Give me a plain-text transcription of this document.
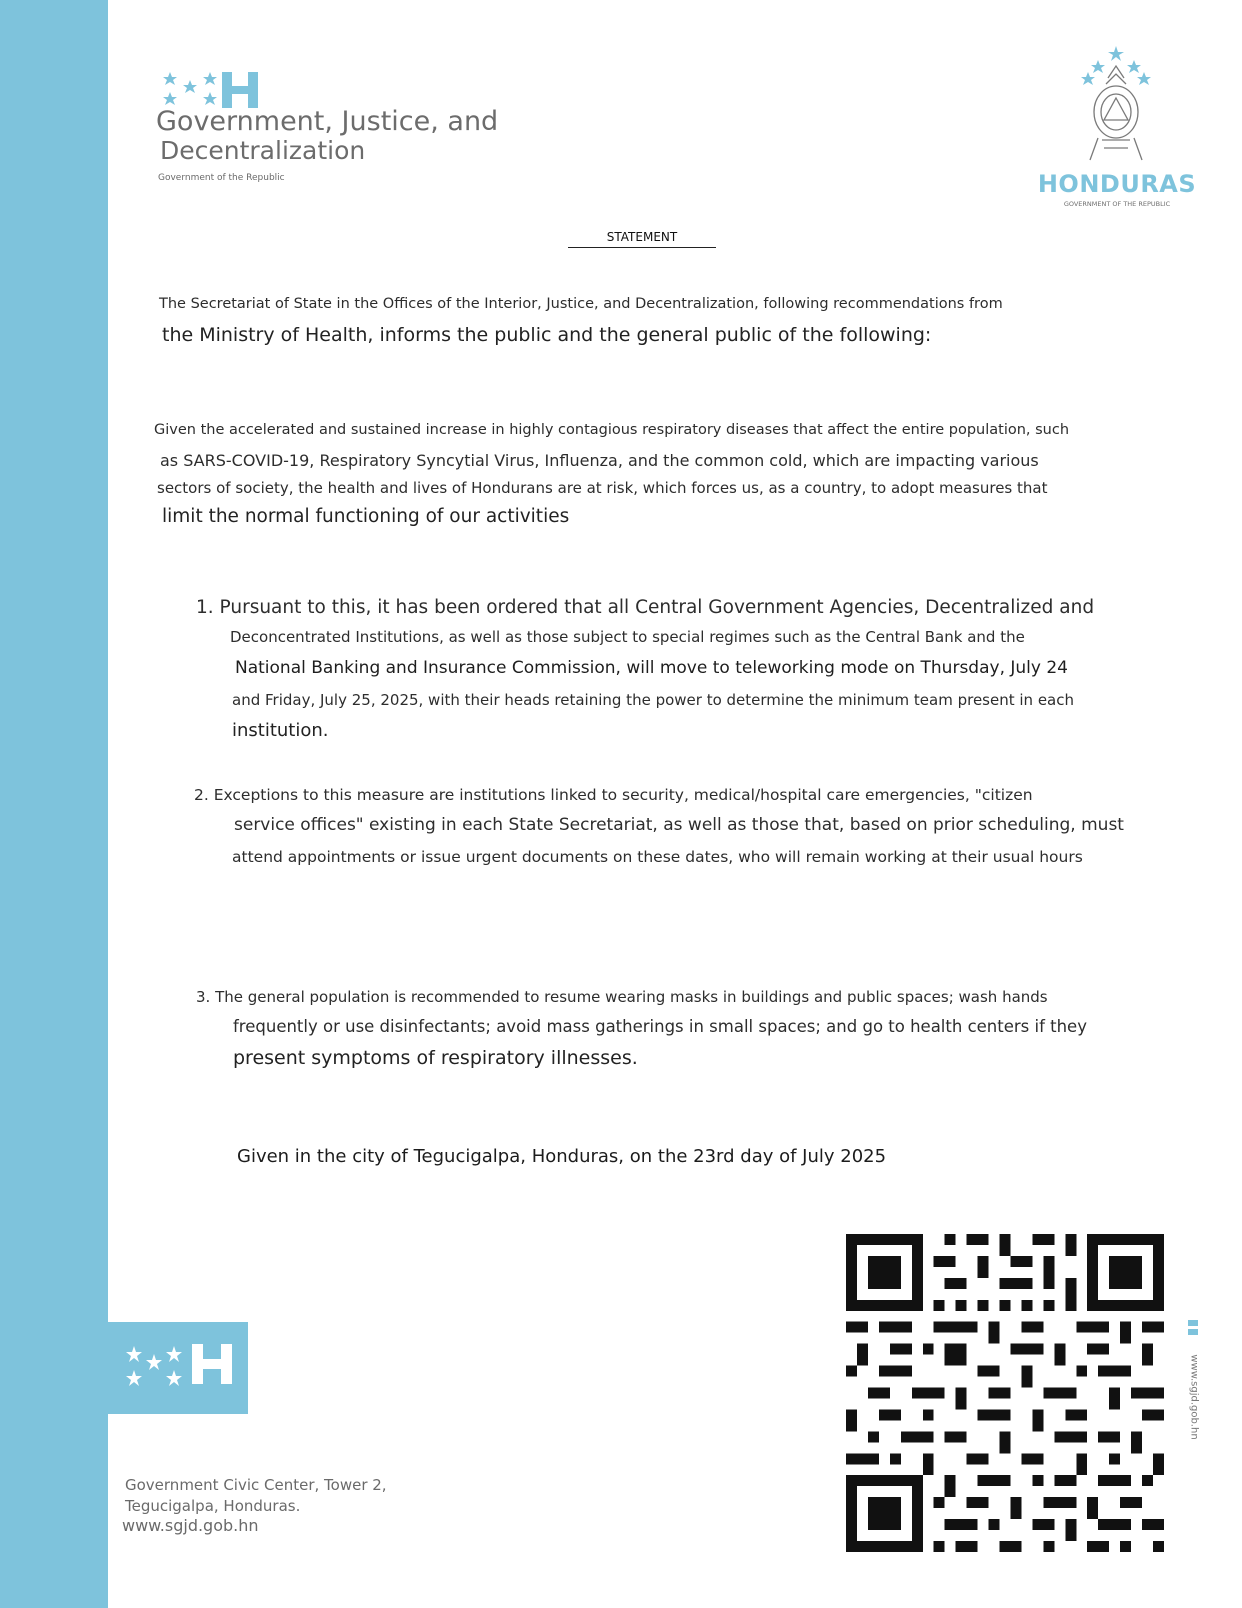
Government, Justice, and
Decentralization
Government of the Republic	HONDURAS
GOVERNMENT OF THE REPUBLIC
STATEMENT
The Secretariat of State in the Offices of the Interior, Justice, and Decentralization, following recommendations from
the Ministry of Health, informs the public and the general public of the following:
Given the accelerated and sustained increase in highly contagious respiratory diseases that affect the entire population, such
as SARS-COVID-19, Respiratory Syncytial Virus, Influenza, and the common cold, which are impacting various
sectors of society, the health and lives of Hondurans are at risk, which forces us, as a country, to adopt measures that
limit the normal functioning of our activities
1. Pursuant to this, it has been ordered that all Central Government Agencies, Decentralized and
Deconcentrated Institutions, as well as those subject to special regimes such as the Central Bank and the
National Banking and Insurance Commission, will move to teleworking mode on Thursday, July 24
and Friday, July 25, 2025, with their heads retaining the power to determine the minimum team present in each
institution.
2. Exceptions to this measure are institutions linked to security, medical/hospital care emergencies, "citizen
service offices" existing in each State Secretariat, as well as those that, based on prior scheduling, must
attend appointments or issue urgent documents on these dates, who will remain working at their usual hours
3. The general population is recommended to resume wearing masks in buildings and public spaces; wash hands
frequently or use disinfectants; avoid mass gatherings in small spaces; and go to health centers if they
present symptoms of respiratory illnesses.
Given in the city of Tegucigalpa, Honduras, on the 23rd day of July 2025
www.sgjd.gob.hn
Government Civic Center, Tower 2,
Tegucigalpa, Honduras.
www.sgjd.gob.hn
